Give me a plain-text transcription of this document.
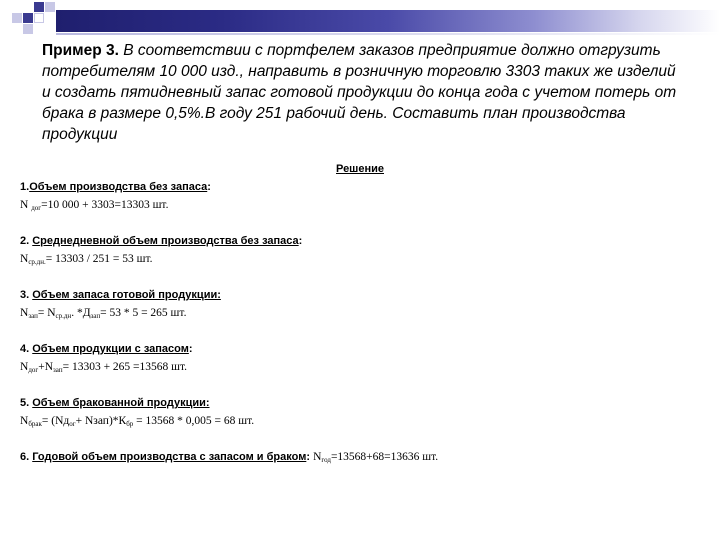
Пример 3. В соответствии с портфелем заказов предприятие должно отгрузить потребителям 10 000 изд., направить в розничную торговлю 3303 таких же изделий и создать пятидневный запас готовой продукции до конца года с учетом потерь от брака в размере 0,5%.В году 251 рабочий день. Составить план производства продукции
Решение
1.Объем производства без запаса:
N $_{дог}$=10 000 + 3303=13303 шт.
2. Среднедневной объем производства без запаса:
$N_{ср.дн.}= 13303 / 251 = 53$ шт.
3. Объем запаса готовой продукции:
$N_{зап}= N_{ср.дн}$. $*Д_{зап}= 53 * 5 = 265$ шт.
4. Объем продукции с запасом:
$N_{дог}+N_{зап}= 13303 + 265 =13568$ шт.
5. Объем бракованной продукции:
$N_{брак}= (Nд_{ог}+$ $Nзап)*К_{бр} = 13568 * 0,005 = 68$ шт.
6. Годовой объем производства с запасом и браком: $N_{год}=13568+68=13636$ шт.
